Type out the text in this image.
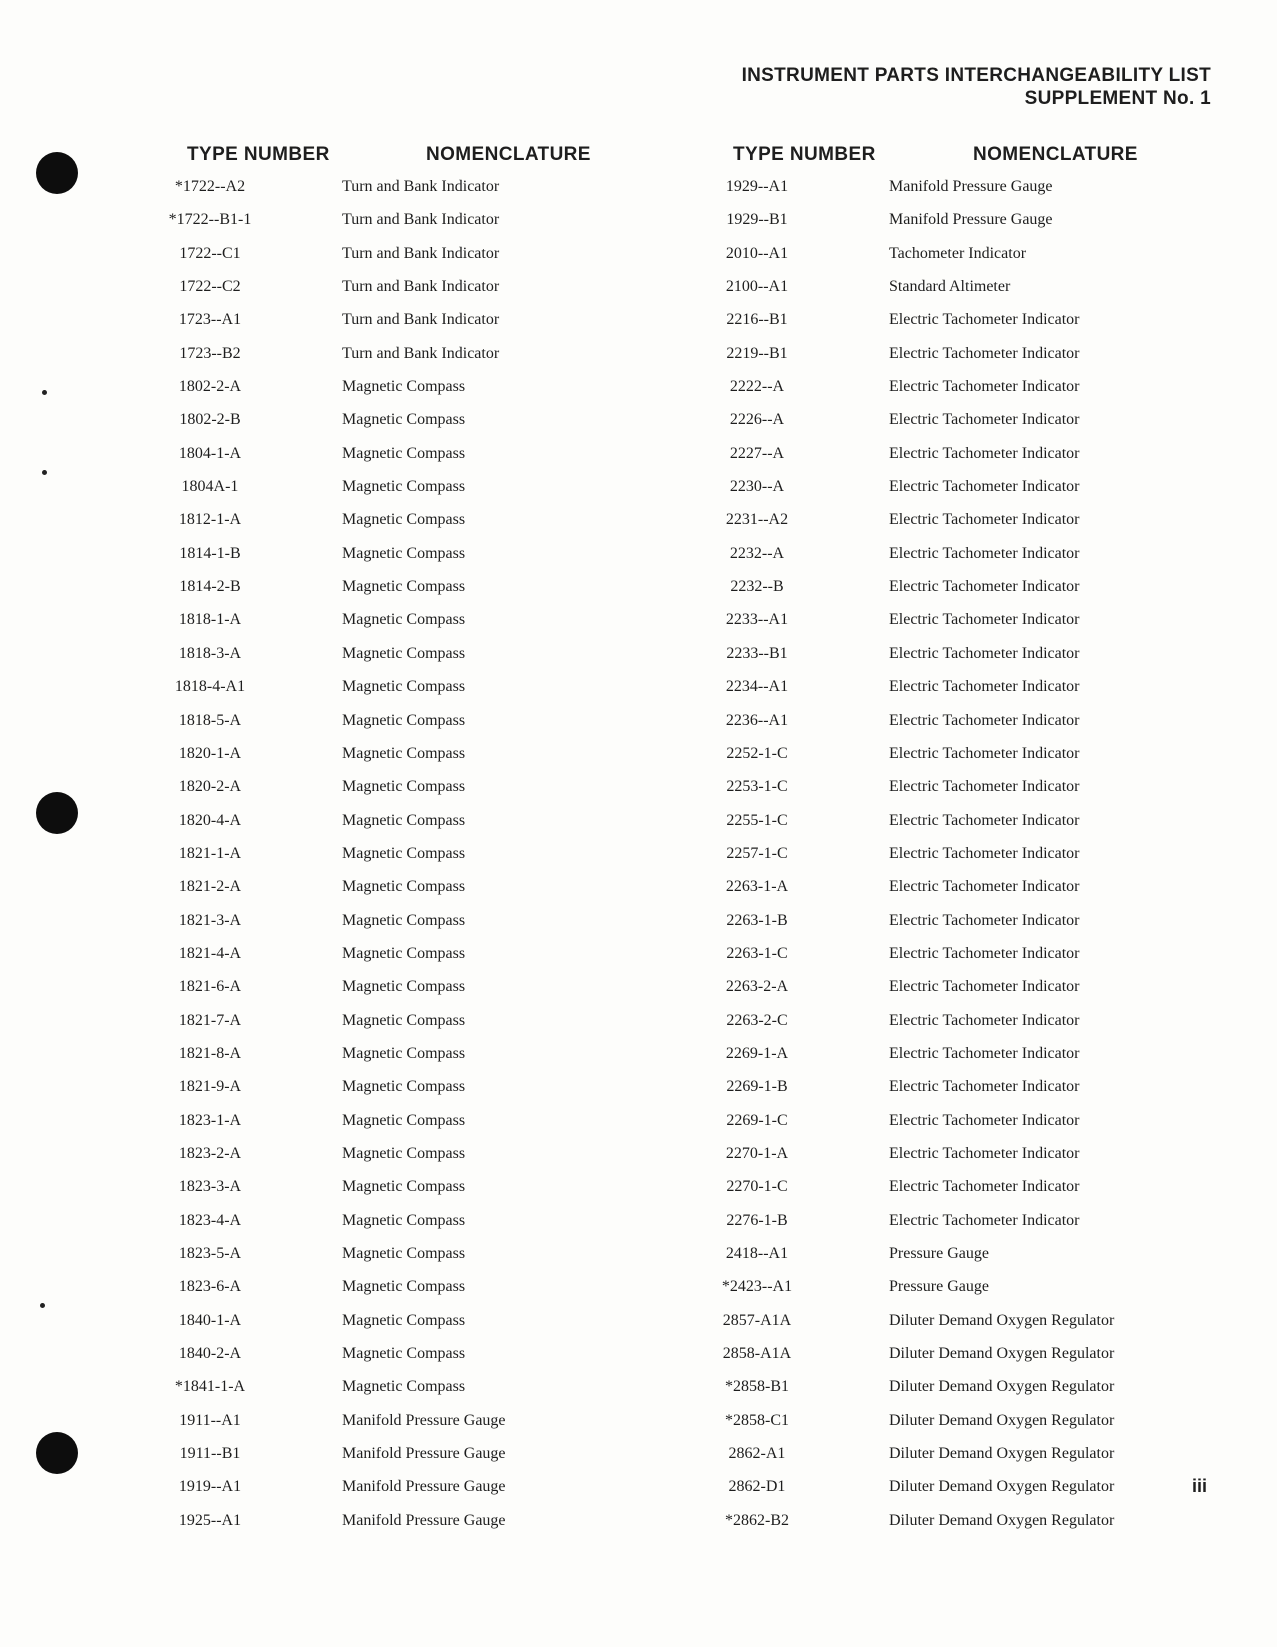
INSTRUMENT PARTS INTERCHANGEABILITY LIST
SUPPLEMENT No. 1
TYPE NUMBER	NOMENCLATURE
*1722--A2	Turn and Bank Indicator
*1722--B1-1	Turn and Bank Indicator
1722--C1	Turn and Bank Indicator
1722--C2	Turn and Bank Indicator
1723--A1	Turn and Bank Indicator
1723--B2	Turn and Bank Indicator
1802-2-A	Magnetic Compass
1802-2-B	Magnetic Compass
1804-1-A	Magnetic Compass
1804A-1	Magnetic Compass
1812-1-A	Magnetic Compass
1814-1-B	Magnetic Compass
1814-2-B	Magnetic Compass
1818-1-A	Magnetic Compass
1818-3-A	Magnetic Compass
1818-4-A1	Magnetic Compass
1818-5-A	Magnetic Compass
1820-1-A	Magnetic Compass
1820-2-A	Magnetic Compass
1820-4-A	Magnetic Compass
1821-1-A	Magnetic Compass
1821-2-A	Magnetic Compass
1821-3-A	Magnetic Compass
1821-4-A	Magnetic Compass
1821-6-A	Magnetic Compass
1821-7-A	Magnetic Compass
1821-8-A	Magnetic Compass
1821-9-A	Magnetic Compass
1823-1-A	Magnetic Compass
1823-2-A	Magnetic Compass
1823-3-A	Magnetic Compass
1823-4-A	Magnetic Compass
1823-5-A	Magnetic Compass
1823-6-A	Magnetic Compass
1840-1-A	Magnetic Compass
1840-2-A	Magnetic Compass
*1841-1-A	Magnetic Compass
1911--A1	Manifold Pressure Gauge
1911--B1	Manifold Pressure Gauge
1919--A1	Manifold Pressure Gauge
1925--A1	Manifold Pressure Gauge
TYPE NUMBER	NOMENCLATURE
1929--A1	Manifold Pressure Gauge
1929--B1	Manifold Pressure Gauge
2010--A1	Tachometer Indicator
2100--A1	Standard Altimeter
2216--B1	Electric Tachometer Indicator
2219--B1	Electric Tachometer Indicator
2222--A	Electric Tachometer Indicator
2226--A	Electric Tachometer Indicator
2227--A	Electric Tachometer Indicator
2230--A	Electric Tachometer Indicator
2231--A2	Electric Tachometer Indicator
2232--A	Electric Tachometer Indicator
2232--B	Electric Tachometer Indicator
2233--A1	Electric Tachometer Indicator
2233--B1	Electric Tachometer Indicator
2234--A1	Electric Tachometer Indicator
2236--A1	Electric Tachometer Indicator
2252-1-C	Electric Tachometer Indicator
2253-1-C	Electric Tachometer Indicator
2255-1-C	Electric Tachometer Indicator
2257-1-C	Electric Tachometer Indicator
2263-1-A	Electric Tachometer Indicator
2263-1-B	Electric Tachometer Indicator
2263-1-C	Electric Tachometer Indicator
2263-2-A	Electric Tachometer Indicator
2263-2-C	Electric Tachometer Indicator
2269-1-A	Electric Tachometer Indicator
2269-1-B	Electric Tachometer Indicator
2269-1-C	Electric Tachometer Indicator
2270-1-A	Electric Tachometer Indicator
2270-1-C	Electric Tachometer Indicator
2276-1-B	Electric Tachometer Indicator
2418--A1	Pressure Gauge
*2423--A1	Pressure Gauge
2857-A1A	Diluter Demand Oxygen Regulator
2858-A1A	Diluter Demand Oxygen Regulator
*2858-B1	Diluter Demand Oxygen Regulator
*2858-C1	Diluter Demand Oxygen Regulator
2862-A1	Diluter Demand Oxygen Regulator
2862-D1	Diluter Demand Oxygen Regulator
*2862-B2	Diluter Demand Oxygen Regulator
iii
